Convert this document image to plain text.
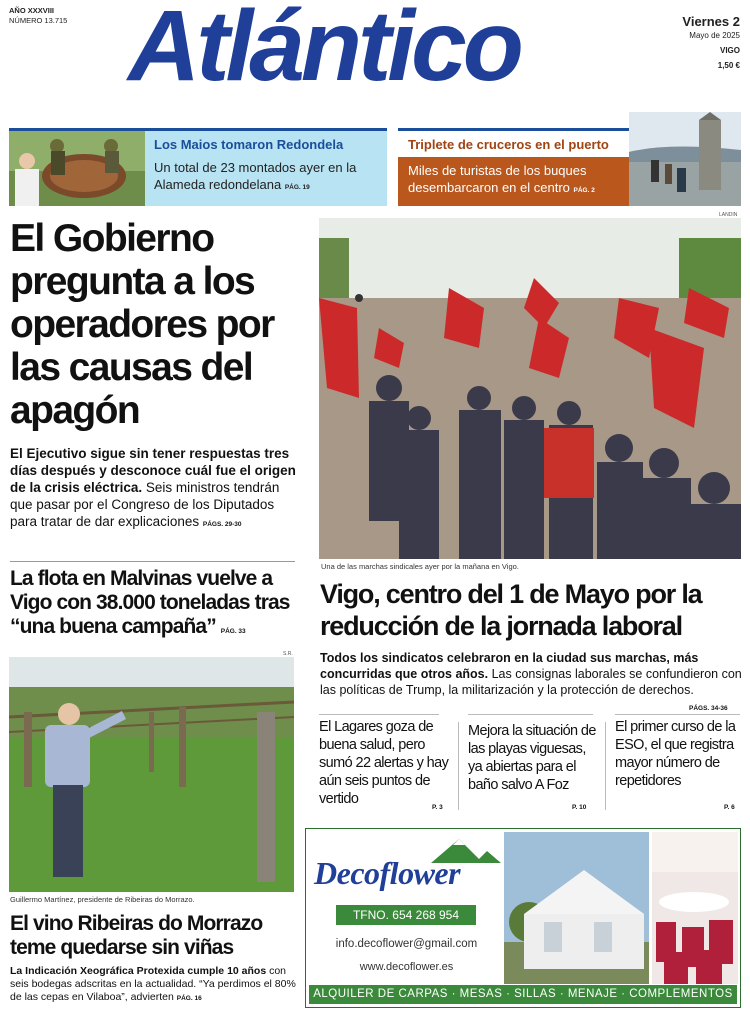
AÑO XXXVIII
NÚMERO 13.715 Atlántico	Viernes 2
Mayo de 2025
VIGO
1,50 €
Los Maios tomaron Redondela
Un total de 23 montados ayer en la Alameda redondelana PÁG. 19
Triplete de cruceros en el puerto
Miles de turistas de los buques desembarcaron en el centro PÁG. 2
El Gobierno pregunta a los operadores por las causas del apagón
El Ejecutivo sigue sin tener respuestas tres días después y desconoce cuál fue el origen de la crisis eléctrica. Seis ministros tendrán que pasar por el Congreso de los Diputados para tratar de dar explicaciones PÁGS. 29-30
La flota en Malvinas vuelve a Vigo con 38.000 toneladas tras “una buena campaña” PÁG. 33
S.R.
Guillermo Martínez, presidente de Ribeiras do Morrazo.
El vino Ribeiras do Morrazo teme quedarse sin viñas
La Indicación Xeográfica Protexida cumple 10 años con seis bodegas adscritas en la actualidad. “Ya perdimos el 80% de las cepas en Vilaboa”, advierten PÁG. 16
LANDIN
Una de las marchas sindicales ayer por la mañana en Vigo.
Vigo, centro del 1 de Mayo por la reducción de la jornada laboral
Todos los sindicatos celebraron en la ciudad sus marchas, más concurridas que otros años. Las consignas laborales se confundieron con las políticas de Trump, la militarización y la protección de derechos.
PÁGS. 34-36
El Lagares goza de buena salud, pero sumó 22 alertas y hay aún seis puntos de vertido
P. 3
Mejora la situación de las playas viguesas, ya abiertas para el baño salvo A Foz
P. 10
El primer curso de la ESO, el que registra mayor número de repetidores
P. 6
Decoflower
TFNO. 654 268 954
info.decoflower@gmail.com
www.decoflower.es
ALQUILER DE CARPAS · MESAS · SILLAS · MENAJE · COMPLEMENTOS
